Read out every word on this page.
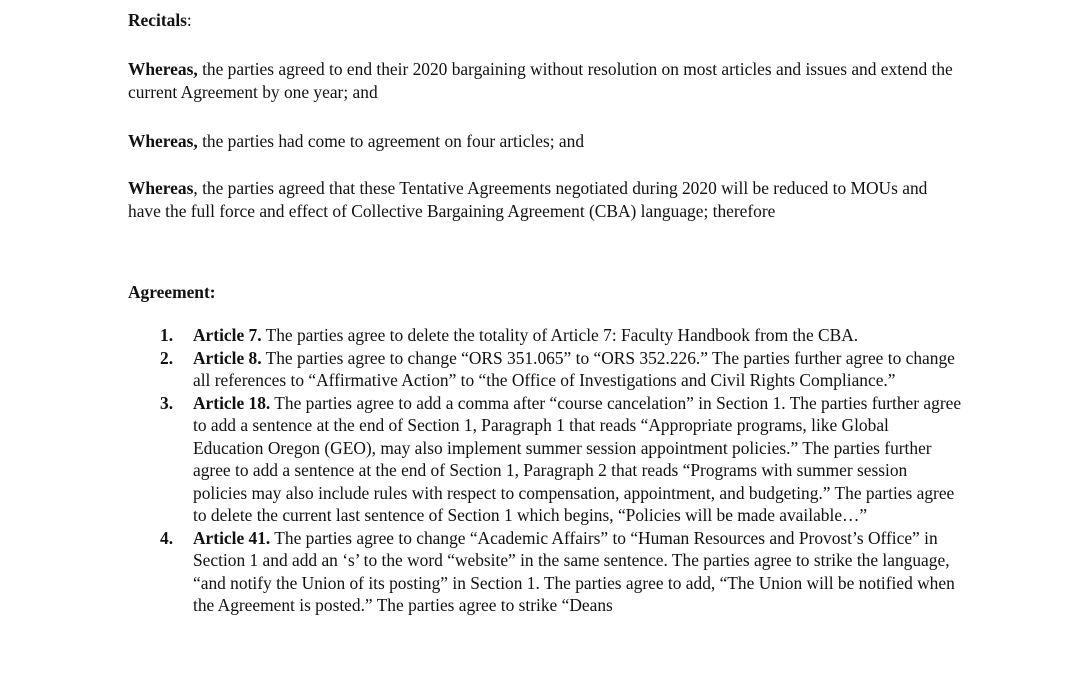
Recitals:

Whereas, the parties agreed to end their 2020 bargaining without resolution on most articles and issues and extend the current Agreement by one year; and

Whereas, the parties had come to agreement on four articles; and

Whereas, the parties agreed that these Tentative Agreements negotiated during 2020 will be reduced to MOUs and have the full force and effect of Collective Bargaining Agreement (CBA) language; therefore

Agreement:

1. Article 7. The parties agree to delete the totality of Article 7: Faculty Handbook from the CBA.
2. Article 8. The parties agree to change “ORS 351.065” to “ORS 352.226.” The parties further agree to change all references to “Affirmative Action” to “the Office of Investigations and Civil Rights Compliance.”
3. Article 18. The parties agree to add a comma after “course cancelation” in Section 1. The parties further agree to add a sentence at the end of Section 1, Paragraph 1 that reads “Appropriate programs, like Global Education Oregon (GEO), may also implement summer session appointment policies.” The parties further agree to add a sentence at the end of Section 1, Paragraph 2 that reads “Programs with summer session policies may also include rules with respect to compensation, appointment, and budgeting.” The parties agree to delete the current last sentence of Section 1 which begins, “Policies will be made available…”
4. Article 41. The parties agree to change “Academic Affairs” to “Human Resources and Provost’s Office” in Section 1 and add an ‘s’ to the word “website” in the same sentence. The parties agree to strike the language, “and notify the Union of its posting” in Section 1. The parties agree to add, “The Union will be notified when the Agreement is posted.” The parties agree to strike “Deans
